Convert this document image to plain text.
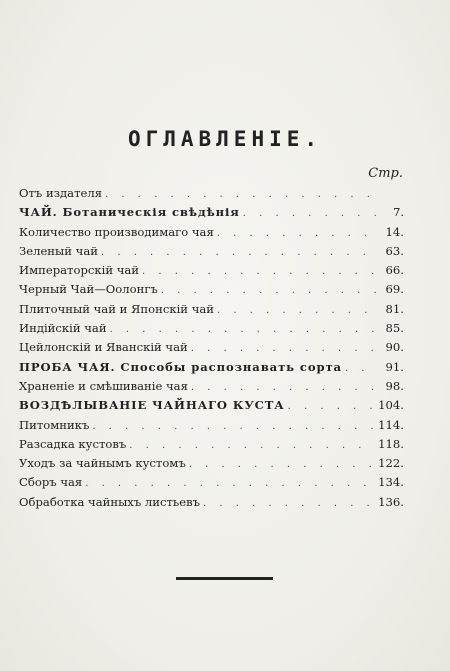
ОГЛАВЛЕНІЕ.
Стр.
Отъ издателя
. . .
ЧАЙ. Ботаническія свѣдѣнія . . .	7.
Количество производимаго чая . . .	14.
Зеленый чай . . .	63.
Императорскій чай . . .	66.
Черный Чай—Оолонгъ . . .	69.
Плиточный чай и Японскій чай . . .	81.
Индійскій чай . . .	85.
Цейлонскій и Яванскій чай . . .	90.
ПРОБА ЧАЯ. Способы распознавать сорта . . .	91.
Храненіе и смѣшиваніе чая . . .	98.
ВОЗДѢЛЫВАНІЕ ЧАЙНАГО КУСТА . . .	104.
Питомникъ . . .	114.
Разсадка кустовъ . . .	118.
Уходъ за чайнымъ кустомъ . . .	122.
Сборъ чая . . .	134.
Обработка чайныхъ листьевъ . . .	136.
